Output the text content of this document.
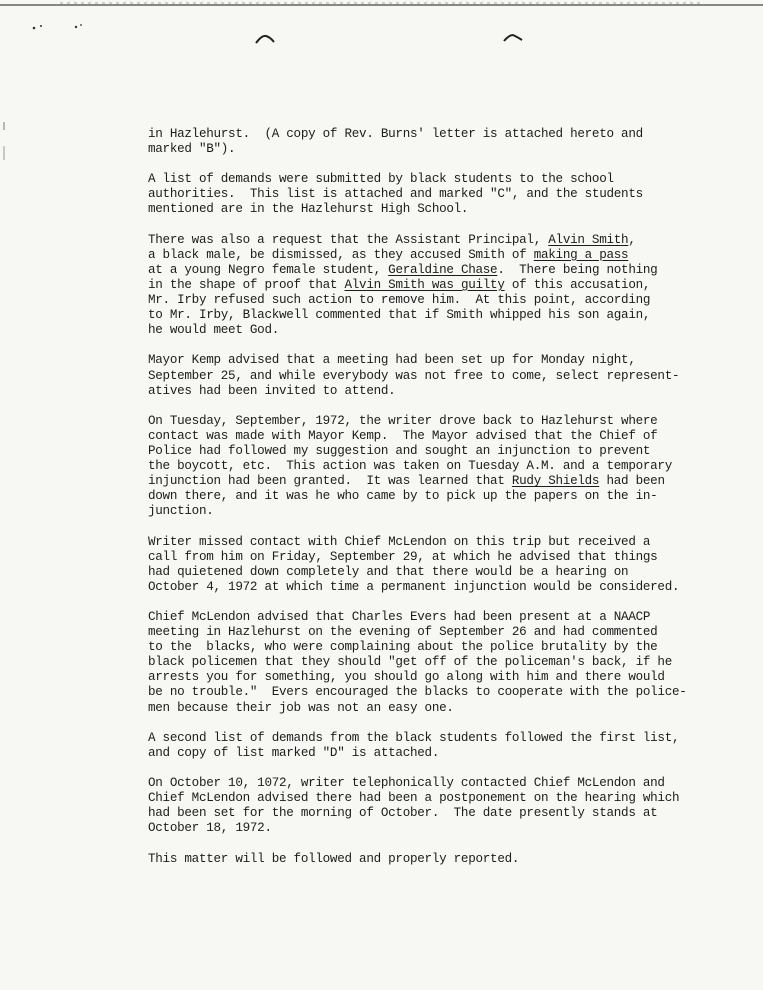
in Hazlehurst.  (A copy of Rev. Burns' letter is attached hereto and
marked "B").
A list of demands were submitted by black students to the school
authorities.  This list is attached and marked "C", and the students
mentioned are in the Hazlehurst High School.
There was also a request that the Assistant Principal, Alvin Smith,
a black male, be dismissed, as they accused Smith of making a pass
at a young Negro female student, Geraldine Chase.  There being nothing
in the shape of proof that Alvin Smith was guilty of this accusation,
Mr. Irby refused such action to remove him.  At this point, according
to Mr. Irby, Blackwell commented that if Smith whipped his son again,
he would meet God.
Mayor Kemp advised that a meeting had been set up for Monday night,
September 25, and while everybody was not free to come, select represent-
atives had been invited to attend.
On Tuesday, September, 1972, the writer drove back to Hazlehurst where
contact was made with Mayor Kemp.  The Mayor advised that the Chief of
Police had followed my suggestion and sought an injunction to prevent
the boycott, etc.  This action was taken on Tuesday A.M. and a temporary
injunction had been granted.  It was learned that Rudy Shields had been
down there, and it was he who came by to pick up the papers on the in-
junction.
Writer missed contact with Chief McLendon on this trip but received a
call from him on Friday, September 29, at which he advised that things
had quietened down completely and that there would be a hearing on
October 4, 1972 at which time a permanent injunction would be considered.
Chief McLendon advised that Charles Evers had been present at a NAACP
meeting in Hazlehurst on the evening of September 26 and had commented
to the  blacks, who were complaining about the police brutality by the
black policemen that they should "get off of the policeman's back, if he
arrests you for something, you should go along with him and there would
be no trouble."  Evers encouraged the blacks to cooperate with the police-
men because their job was not an easy one.
A second list of demands from the black students followed the first list,
and copy of list marked "D" is attached.
On October 10, 1072, writer telephonically contacted Chief McLendon and
Chief McLendon advised there had been a postponement on the hearing which
had been set for the morning of October.  The date presently stands at
October 18, 1972.
This matter will be followed and properly reported.
